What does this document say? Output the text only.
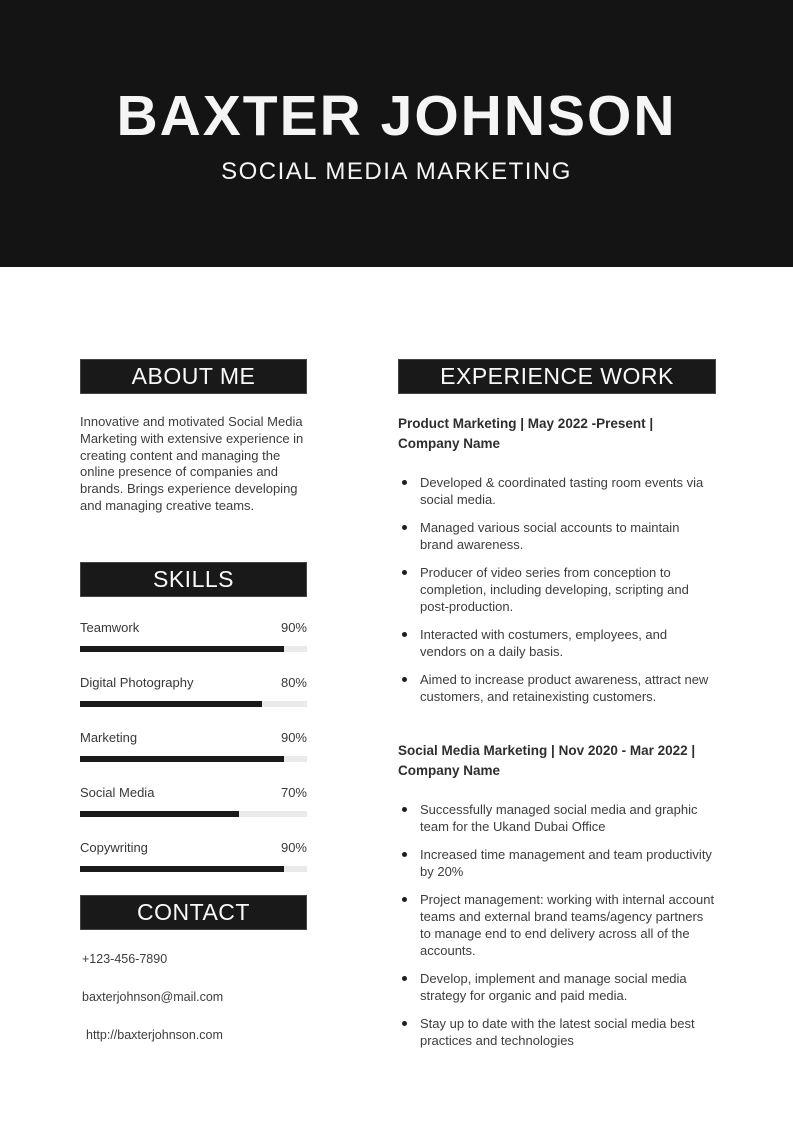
BAXTER JOHNSON
SOCIAL MEDIA MARKETING
ABOUT ME

Innovative and motivated Social Media Marketing with extensive experience in creating content and managing the online presence of companies and brands. Brings experience developing and managing creative teams.

SKILLS
Teamwork	90%
Digital Photography	80%
Marketing	90%
Social Media	70%
Copywriting	90%
CONTACT
+123-456-7890
baxterjohnson@mail.com
http://baxterjohnson.com
EXPERIENCE WORK
Product Marketing | May 2022 -Present | Company Name
Developed & coordinated tasting room events via social media.
Managed various social accounts to maintain brand awareness.
Producer of video series from conception to completion, including developing, scripting and post-production.
Interacted with costumers, employees, and vendors on a daily basis.
Aimed to increase product awareness, attract new customers, and retainexisting customers.
Social Media Marketing | Nov 2020 - Mar 2022 | Company Name
Successfully managed social media and graphic team for the Ukand Dubai Office
Increased time management and team productivity by 20%
Project management: working with internal account teams and external brand teams/agency partners to manage end to end delivery across all of the accounts.
Develop, implement and manage social media strategy for organic and paid media.
Stay up to date with the latest social media best practices and technologies
